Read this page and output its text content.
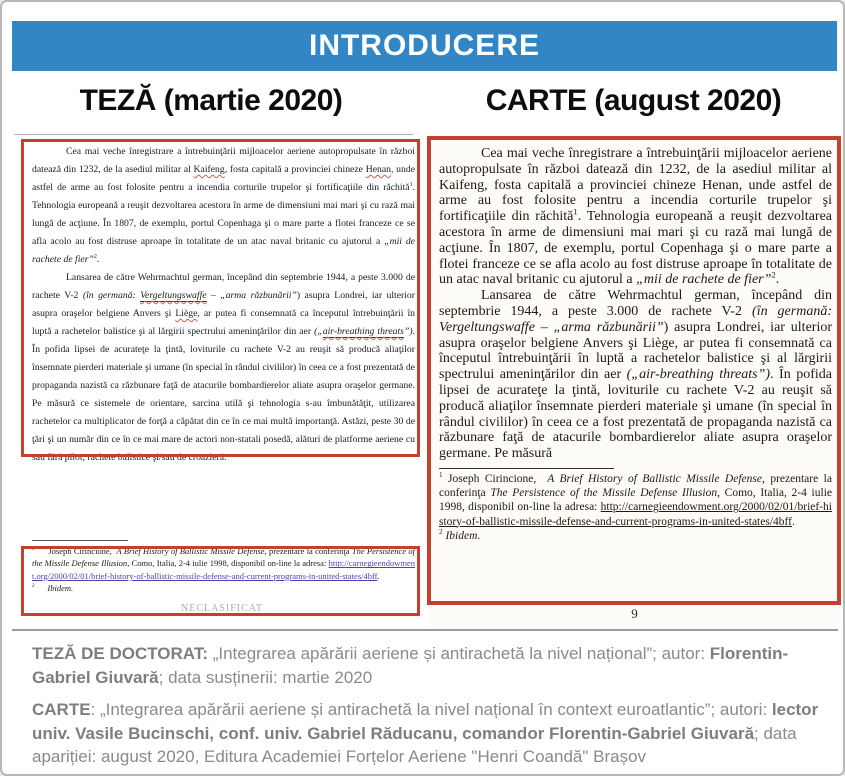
INTRODUCERE
TEZĂ (martie 2020)	CARTE (august 2020)

Cea mai veche înregistrare a întrebuinţării mijloacelor aeriene autopropulsate în război datează din 1232, de la asediul militar al Kaifeng, fosta capitală a provinciei chineze Henan, unde astfel de arme au fost folosite pentru a incendia corturile trupelor şi fortificaţiile din răchită$^1$. Tehnologia europeană a reuşit dezvoltarea acestora în arme de dimensiuni mai mari şi cu rază mai lungă de acţiune. În 1807, de exemplu, portul Copenhaga şi o mare parte a flotei franceze ce se afla acolo au fost distruse aproape în totalitate de un atac naval britanic cu ajutorul a „mii de rachete de fier”$^2$.

Lansarea de către Wehrmachtul german, începând din septembrie 1944, a peste 3.000 de rachete V-2 (în germană: Vergeltungswaffe – „arma răzbunării”) asupra Londrei, iar ulterior asupra oraşelor belgiene Anvers şi Liège, ar putea fi consemnată ca începutul întrebuinţării în luptă a rachetelor balistice şi al lărgirii spectrului ameninţărilor din aer („air-breathing threats”). În pofida lipsei de acurateţe la ţintă, loviturile cu rachete V-2 au reuşit să producă aliaţilor însemnate pierderi materiale şi umane (în special în rândul civililor) în ceea ce a fost prezentată de propaganda nazistă ca răzbunare faţă de atacurile bombardierelor aliate asupra oraşelor germane. Pe măsură ce sistemele de orientare, sarcina utilă şi tehnologia s-au îmbunătăţit, utilizarea rachetelor ca multiplicator de forţă a căpătat din ce în ce mai multă importanţă. Astăzi, peste 30 de ţări şi un număr din ce în ce mai mare de actori non-statali posedă, alături de platforme aeriene cu sau fără pilot, rachete balistice şi/sau de croazieră.

$^1$      Joseph Cirincione,  A Brief History of Ballistic Missile Defense, prezentare la conferinţa The Persistence of the Missile Defense Illusion, Como, Italia, 2-4 iulie 1998, disponibil on-line la adresa: http://carnegieendowment.org/2000/02/01/brief-history-of-ballistic-missile-defense-and-current-programs-in-united-states/4bff.

$^2$ Ibidem.

NECLASIFICAT

Cea mai veche înregistrare a întrebuinţării mijloacelor aeriene autopropulsate în război datează din 1232, de la asediul militar al Kaifeng, fosta capitală a provinciei chineze Henan, unde astfel de arme au fost folosite pentru a incendia corturile trupelor şi fortificaţiile din răchită$^1$. Tehnologia europeană a reuşit dezvoltarea acestora în arme de dimensiuni mai mari şi cu rază mai lungă de acţiune. În 1807, de exemplu, portul Copenhaga şi o mare parte a flotei franceze ce se afla acolo au fost distruse aproape în totalitate de un atac naval britanic cu ajutorul a „mii de rachete de fier”$^2$.

Lansarea de către Wehrmachtul german, începând din septembrie 1944, a peste 3.000 de rachete V-2 (în germană: Vergeltungswaffe – „arma răzbunării”) asupra Londrei, iar ulterior asupra oraşelor belgiene Anvers şi Liège, ar putea fi consemnată ca începutul întrebuinţării în luptă a rachetelor balistice şi al lărgirii spectrului ameninţărilor din aer („air-breathing threats”). În pofida lipsei de acurateţe la ţintă, loviturile cu rachete V-2 au reuşit să producă aliaţilor însemnate pierderi materiale şi umane (în special în rândul civililor) în ceea ce a fost prezentată de propaganda nazistă ca răzbunare faţă de atacurile bombardierelor aliate asupra oraşelor germane. Pe măsură

$^1$ Joseph Cirincione,  A Brief History of Ballistic Missile Defense, prezentare la conferinţa The Persistence of the Missile Defense Illusion, Como, Italia, 2-4 iulie 1998, disponibil on-line la adresa: http://carnegieendowment.org/2000/02/01/brief-history-of-ballistic-missile-defense-and-current-programs-in-united-states/4bff.

$^2$ Ibidem.

9
TEZĂ DE DOCTORAT: „Integrarea apărării aeriene și antirachetă la nivel național”; autor: Florentin-Gabriel Giuvară; data susținerii: martie 2020
CARTE: „Integrarea apărării aeriene și antirachetă la nivel național în context euroatlantic”; autori: lector univ. Vasile Bucinschi, conf. univ. Gabriel Răducanu, comandor Florentin-Gabriel Giuvară; data apariției: august 2020, Editura Academiei Forțelor Aeriene "Henri Coandă" Brașov
